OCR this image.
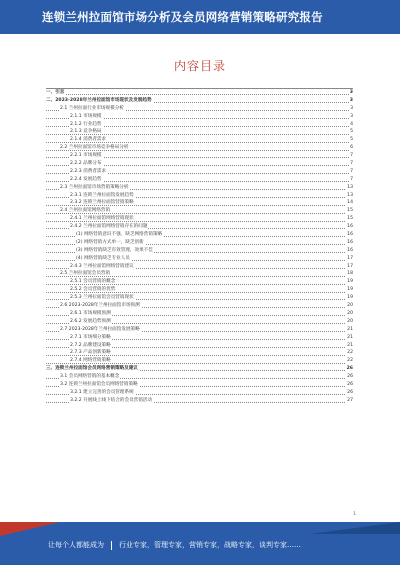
连锁兰州拉面馆市场分析及会员网络营销策略研究报告
内容目录
一、引言	3
二、2023-2028年兰州拉面馆市场现状及发展趋势	3
2.1 兰州拉面行业市场规模分析	3
2.1.1 市场规模	3
2.1.2 行业趋势	4
2.1.3 竞争格局	5
2.1.4 消费者需求	5
2.2 兰州拉面馆市场竞争格局分析	6
2.2.1 市场规模	7
2.2.2 品牌分布	7
2.2.3 消费者需求	7
2.2.4 发展趋势	7
2.3 兰州拉面馆市场营销策略分析	13
2.3.1 连锁兰州拉面馆发展趋势	13
2.3.2 连锁兰州拉面馆营销策略	14
2.4 兰州拉面馆网络营销	15
2.4.1 兰州拉面馆网络营销现状	15
2.4.2 兰州拉面馆网络营销存在的问题	16
(1) 网络营销意识不强，缺乏网络营销策略	16
(2) 网络营销方式单一，缺乏创新	16
(3) 网络营销缺乏有效管理，效果不佳	16
(4) 网络营销缺乏专业人员	17
2.4.3 兰州拉面馆网络营销建议	17
2.5 兰州拉面馆会员营销	18
2.5.1 会员营销的概念	19
2.5.2 会员营销的优势	19
2.5.3 兰州拉面馆会员营销现状	19
2.6 2023-2028年兰州拉面馆市场预测	20
2.6.1 市场规模预测	20
2.6.2 发展趋势预测	20
2.7 2023-2028年兰州拉面馆发展策略	21
2.7.1 市场细分策略	21
2.7.2 品牌建设策略	21
2.7.3 产品创新策略	22
2.7.4 网络营销策略	22
三、连锁兰州拉面馆会员网络营销策略及建议	26
3.1 会员网络营销的基本概念	26
3.2 连锁兰州拉面馆会员网络营销策略	26
3.2.1 建立完善的会员管理系统	26
3.2.2 开展线上线下结合的会员营销活动	27
1
让每个人都能成为 行业专家，管理专家，营销专家，战略专家，谈判专家……
